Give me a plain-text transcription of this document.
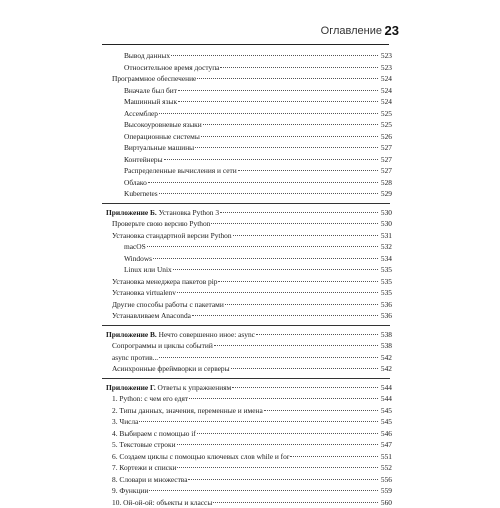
Оглавление 23
Вывод данных	523
Относительное время доступа	523
Программное обеспечение	524
Вначале был бит	524
Машинный язык	524
Ассемблер	525
Высокоуровневые языки	525
Операционные системы	526
Виртуальные машины	527
Контейнеры	527
Распределенные вычисления и сети	527
Облако	528
Kubernetes	529
Приложение Б. Установка Python 3	530
Проверьте свою версию Python	530
Установка стандартной версии Python	531
macOS	532
Windows	534
Linux или Unix	535
Установка менеджера пакетов pip	535
Установка virtualenv	535
Другие способы работы с пакетами	536
Устанавливаем Anaconda	536
Приложение В. Нечто совершенно иное: async	538
Сопрограммы и циклы событий	538
async против...	542
Асинхронные фреймворки и серверы	542
Приложение Г. Ответы к упражнениям	544
1. Python: с чем его едят	544
2. Типы данных, значения, переменные и имена	545
3. Числа	545
4. Выбираем с помощью if	546
5. Текстовые строки	547
6. Создаем циклы с помощью ключевых слов while и for	551
7. Кортежи и списки	552
8. Словари и множества	556
9. Функции	559
10. Ой-ой-ой: объекты и классы	560
